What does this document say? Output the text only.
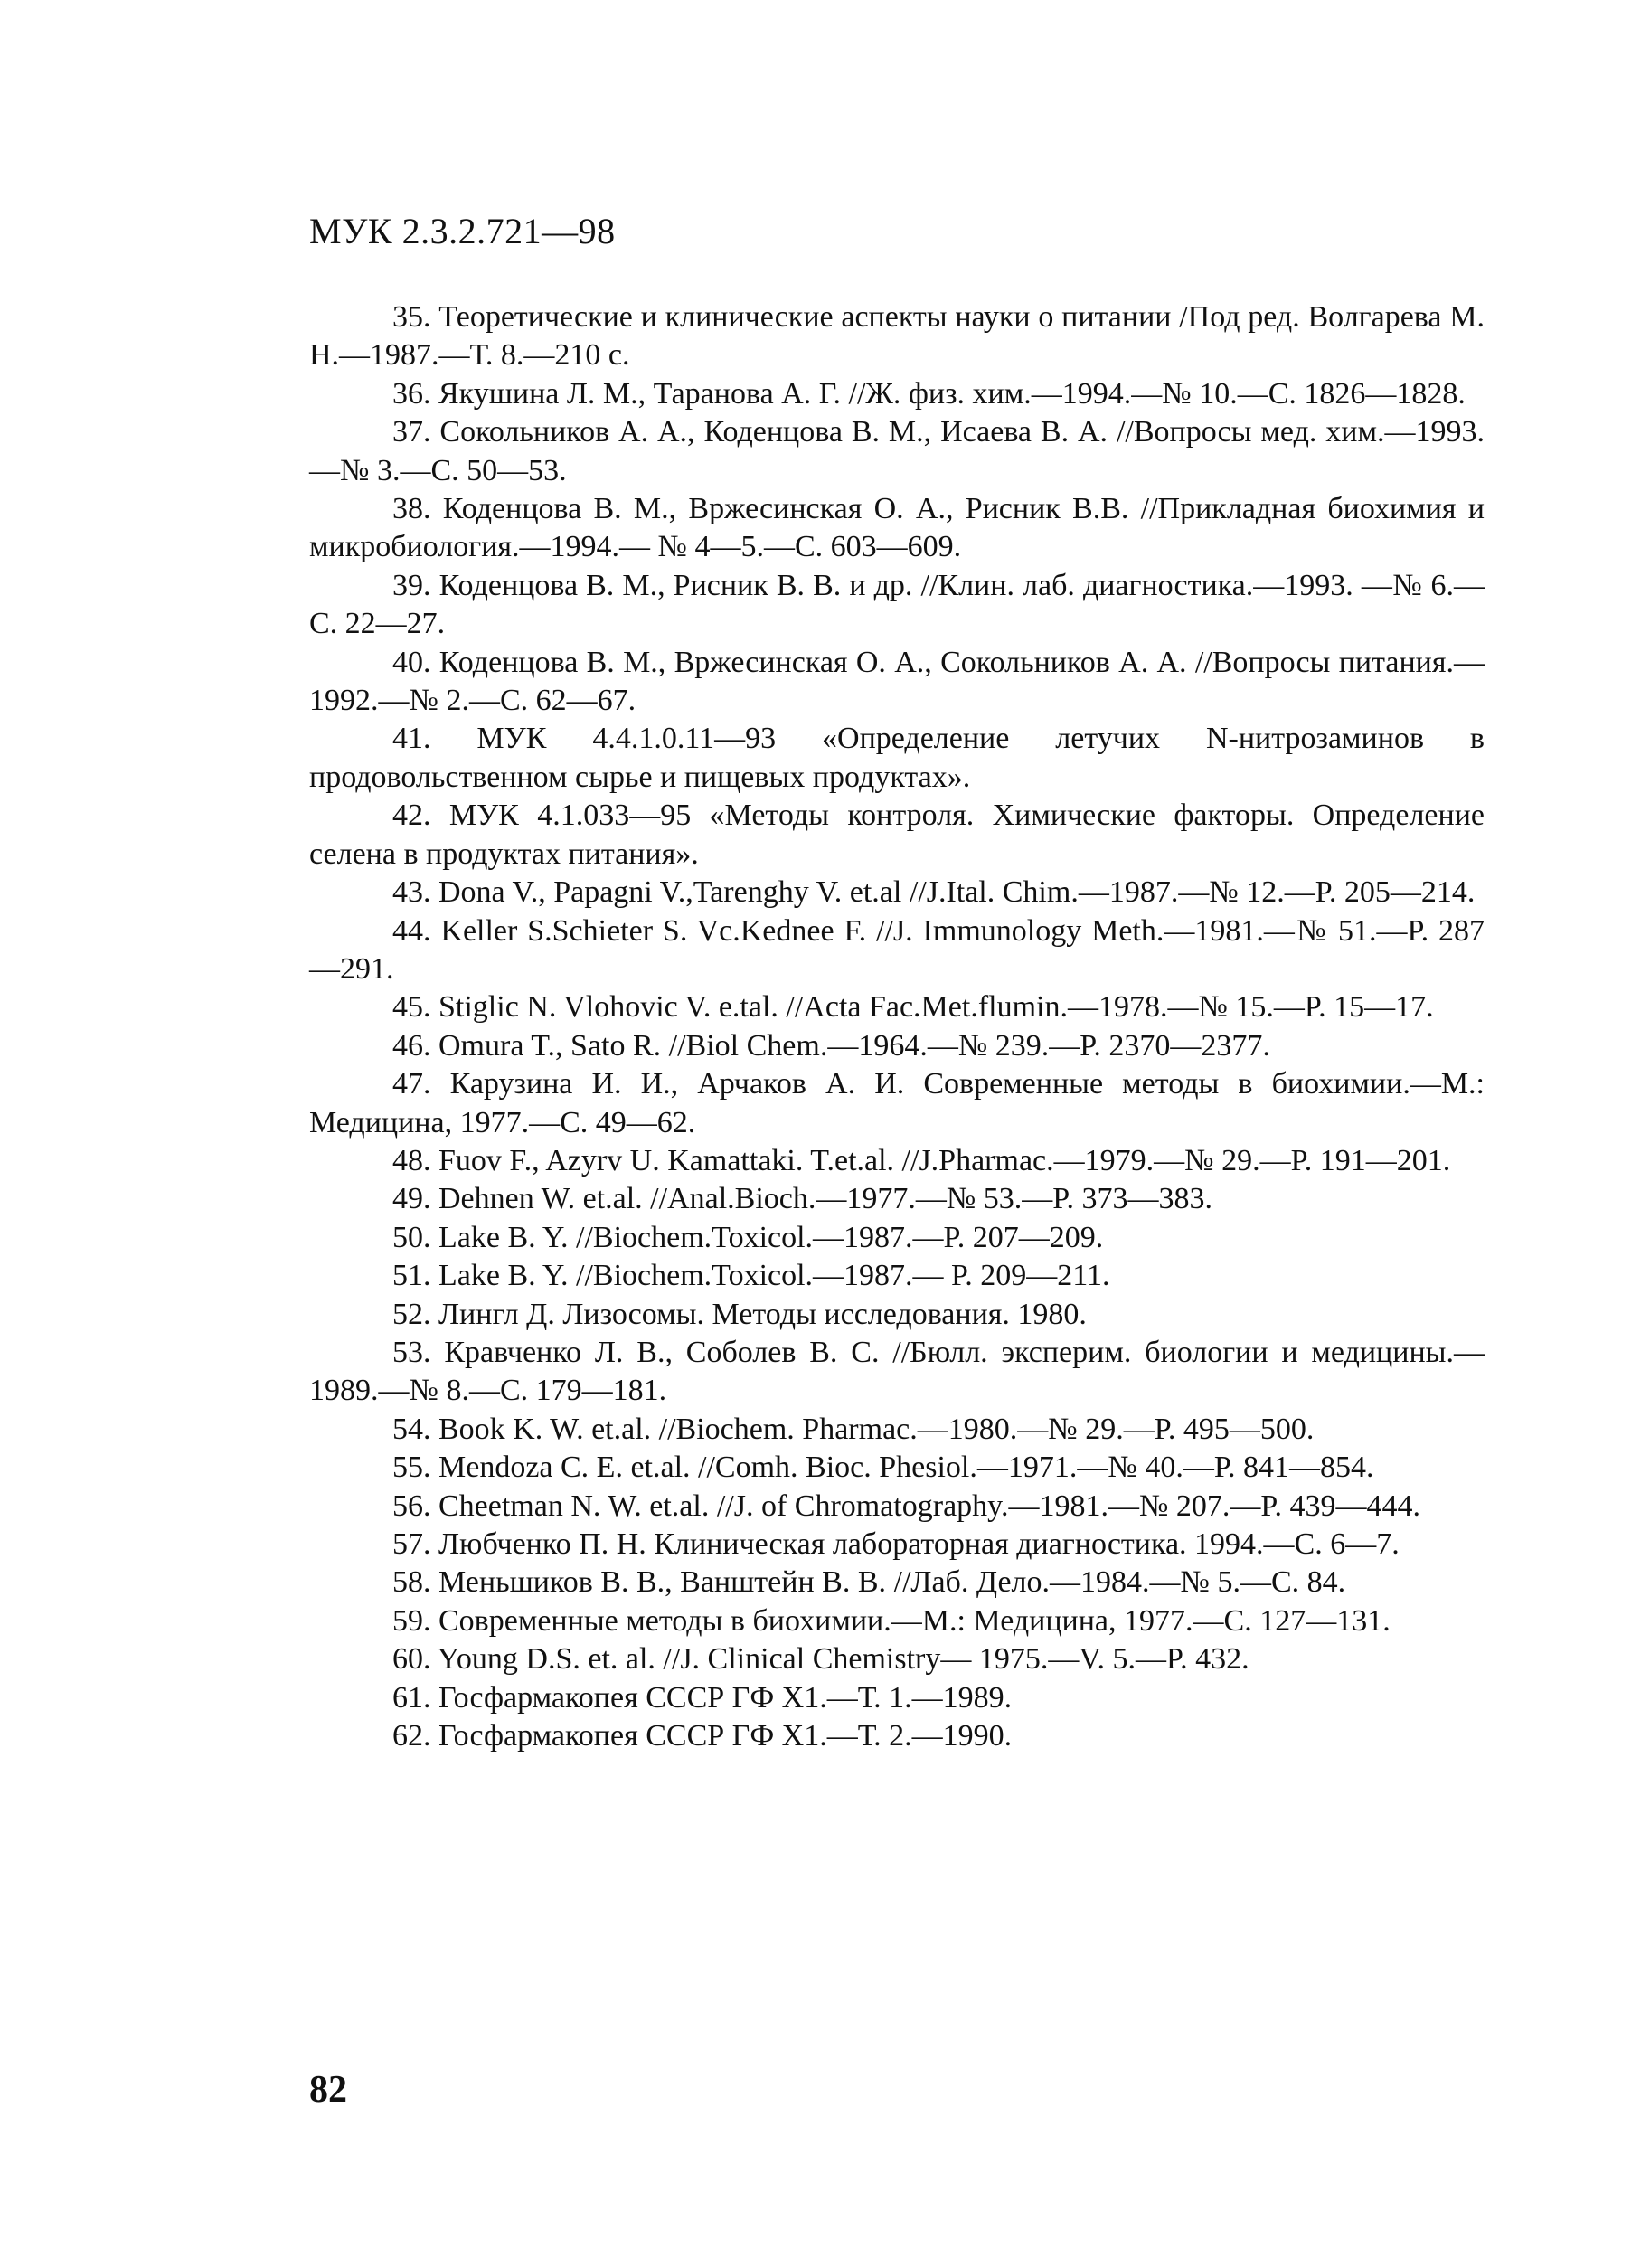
МУК 2.3.2.721—98

35. Теоретические и клинические аспекты науки о питании /Под ред. Волгарева М. Н.—1987.—Т. 8.—210 с.

36. Якушина Л. М., Таранова А. Г. //Ж. физ. хим.—1994.—№ 10.—С. 1826—1828.

37. Сокольников А. А., Коденцова В. М., Исаева В. А. //Вопросы мед. хим.—1993.—№ 3.—С. 50—53.

38. Коденцова В. М., Вржесинская О. А., Рисник В.В. //Прикладная биохимия и микробиология.—1994.— № 4—5.—С. 603—609.

39. Коденцова В. М., Рисник В. В. и др. //Клин. лаб. диагностика.—1993. —№ 6.—С. 22—27.

40. Коденцова В. М., Вржесинская О. А., Сокольников А. А. //Вопросы питания.—1992.—№ 2.—С. 62—67.

41. МУК 4.4.1.0.11—93 «Определение летучих N-нитрозаминов в продовольственном сырье и пищевых продуктах».

42. МУК 4.1.033—95 «Методы контроля. Химические факторы. Определение селена в продуктах питания».

43. Dona V., Papagni V.,Tarenghy V. et.al //J.Ital. Chim.—1987.—№ 12.—P. 205—214.

44. Keller S.Schieter S. Vc.Kednee F. //J. Immunology Meth.—1981.—№ 51.—P. 287—291.

45. Stiglic N. Vlohovic V. e.tal. //Acta Fac.Met.flumin.—1978.—№ 15.—P. 15—17.

46. Omura T., Sato R. //Biol Chem.—1964.—№ 239.—P. 2370—2377.

47. Карузина И. И., Арчаков А. И. Современные методы в биохимии.—М.: Медицина, 1977.—С. 49—62.

48. Fuov F., Azyrv U. Kamattaki. T.et.al. //J.Pharmac.—1979.—№ 29.—P. 191—201.

49. Dehnen W. et.al. //Anal.Bioch.—1977.—№ 53.—P. 373—383.

50. Lake B. Y. //Biochem.Toxicol.—1987.—P. 207—209.

51. Lake B. Y. //Biochem.Toxicol.—1987.— P. 209—211.

52. Лингл Д. Лизосомы. Методы исследования. 1980.

53. Кравченко Л. В., Соболев В. С. //Бюлл. эксперим. биологии и медицины.—1989.—№ 8.—С. 179—181.

54. Book K. W. et.al. //Biochem. Pharmac.—1980.—№ 29.—P. 495—500.

55. Mendoza C. E. et.al. //Comh. Bioc. Phesiol.—1971.—№ 40.—P. 841—854.

56. Cheetman N. W. et.al. //J. of Chromatography.—1981.—№ 207.—P. 439—444.

57. Любченко П. Н. Клиническая лабораторная диагностика. 1994.—С. 6—7.

58. Меньшиков В. В., Ванштейн В. В. //Лаб. Дело.—1984.—№ 5.—С. 84.

59. Современные методы в биохимии.—М.: Медицина, 1977.—С. 127—131.

60. Young D.S. et. al. //J. Clinical Chemistry— 1975.—V. 5.—P. 432.

61. Госфармакопея СССР ГФ X1.—Т. 1.—1989.

62. Госфармакопея СССР ГФ X1.—Т. 2.—1990.

82
